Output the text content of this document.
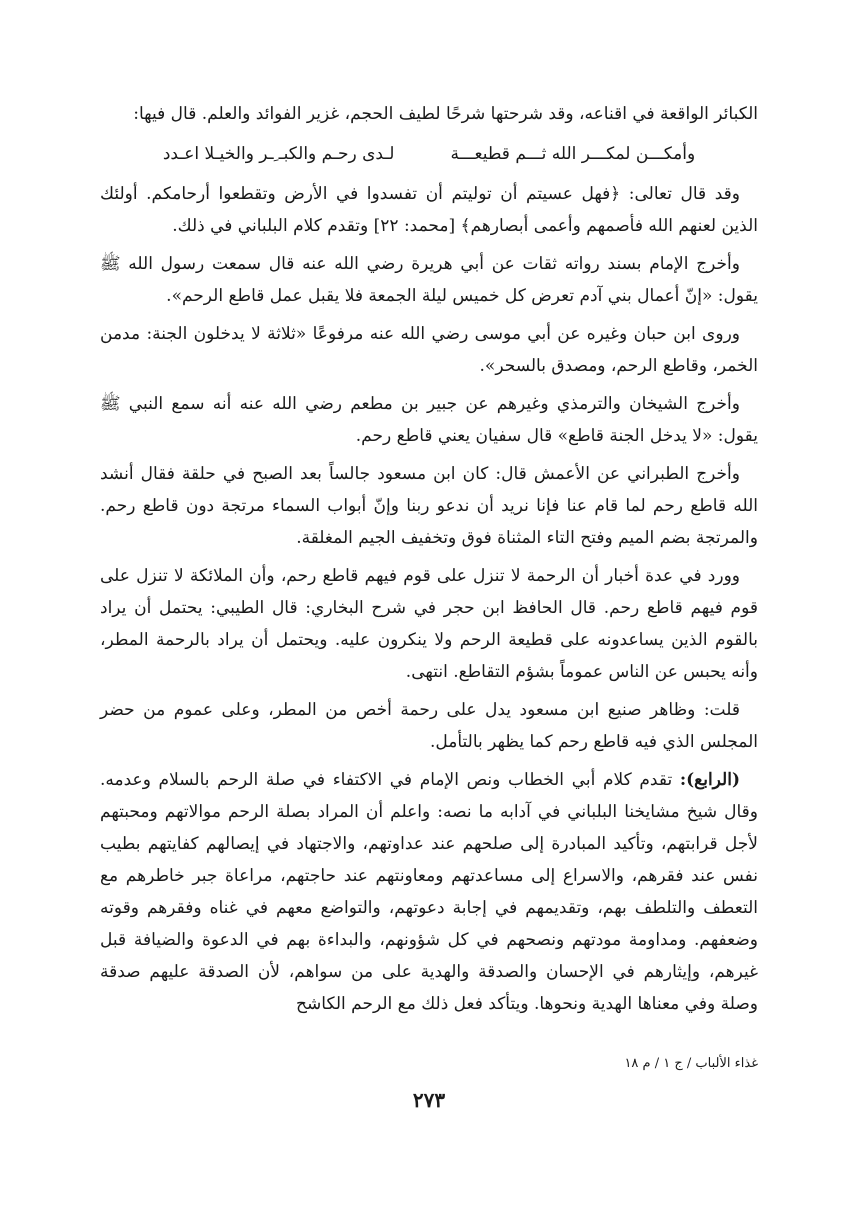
الكبائر الواقعة في اقناعه، وقد شرحتها شرحًا لطيف الحجم، غزير الفوائد والعلم. قال فيها:

وأمكـــن لمكـــر الله ثـــم قطيعـــة
لـدى رحـم والكبـ ِـر والخيـلا اعـدد

وقد قال تعالى: ﴿فهل عسيتم أن توليتم أن تفسدوا في الأرض وتقطعوا أرحامكم. أولئك الذين لعنهم الله فأصمهم وأعمى أبصارهم﴾ [محمد: ٢٢] وتقدم كلام البلباني في ذلك.

وأخرج الإمام بسند رواته ثقات عن أبي هريرة رضي الله عنه قال سمعت رسول الله ﷺ يقول: «إنّ أعمال بني آدم تعرض كل خميس ليلة الجمعة فلا يقبل عمل قاطع الرحم».

وروى ابن حبان وغيره عن أبي موسى رضي الله عنه مرفوعًا «ثلاثة لا يدخلون الجنة: مدمن الخمر، وقاطع الرحم، ومصدق بالسحر».

وأخرج الشيخان والترمذي وغيرهم عن جبير بن مطعم رضي الله عنه أنه سمع النبي ﷺ يقول: «لا يدخل الجنة قاطع» قال سفيان يعني قاطع رحم.

وأخرج الطبراني عن الأعمش قال: كان ابن مسعود جالساً بعد الصبح في حلقة فقال أنشد الله قاطع رحم لما قام عنا فإنا نريد أن ندعو ربنا وإنّ أبواب السماء مرتجة دون قاطع رحم. والمرتجة بضم الميم وفتح التاء المثناة فوق وتخفيف الجيم المغلقة.

وورد في عدة أخبار أن الرحمة لا تنزل على قوم فيهم قاطع رحم، وأن الملائكة لا تنزل على قوم فيهم قاطع رحم. قال الحافظ ابن حجر في شرح البخاري: قال الطيبي: يحتمل أن يراد بالقوم الذين يساعدونه على قطيعة الرحم ولا ينكرون عليه. ويحتمل أن يراد بالرحمة المطر، وأنه يحبس عن الناس عموماً بشؤم التقاطع. انتهى.

قلت: وظاهر صنيع ابن مسعود يدل على رحمة أخص من المطر، وعلى عموم من حضر المجلس الذي فيه قاطع رحم كما يظهر بالتأمل.

(الرابع): تقدم كلام أبي الخطاب ونص الإمام في الاكتفاء في صلة الرحم بالسلام وعدمه. وقال شيخ مشايخنا البلباني في آدابه ما نصه: واعلم أن المراد بصلة الرحم موالاتهم ومحبتهم لأجل قرابتهم، وتأكيد المبادرة إلى صلحهم عند عداوتهم، والاجتهاد في إيصالهم كفايتهم بطيب نفس عند فقرهم، والاسراع إلى مساعدتهم ومعاونتهم عند حاجتهم، مراعاة جبر خاطرهم مع التعطف والتلطف بهم، وتقديمهم في إجابة دعوتهم، والتواضع معهم في غناه وفقرهم وقوته وضعفهم. ومداومة مودتهم ونصحهم في كل شؤونهم، والبداءة بهم في الدعوة والضيافة قبل غيرهم، وإيثارهم في الإحسان والصدقة والهدية على من سواهم، لأن الصدقة عليهم صدقة وصلة وفي معناها الهدية ونحوها. ويتأكد فعل ذلك مع الرحم الكاشح

غذاء الألباب / ج ١ / م ١٨
٢٧٣
